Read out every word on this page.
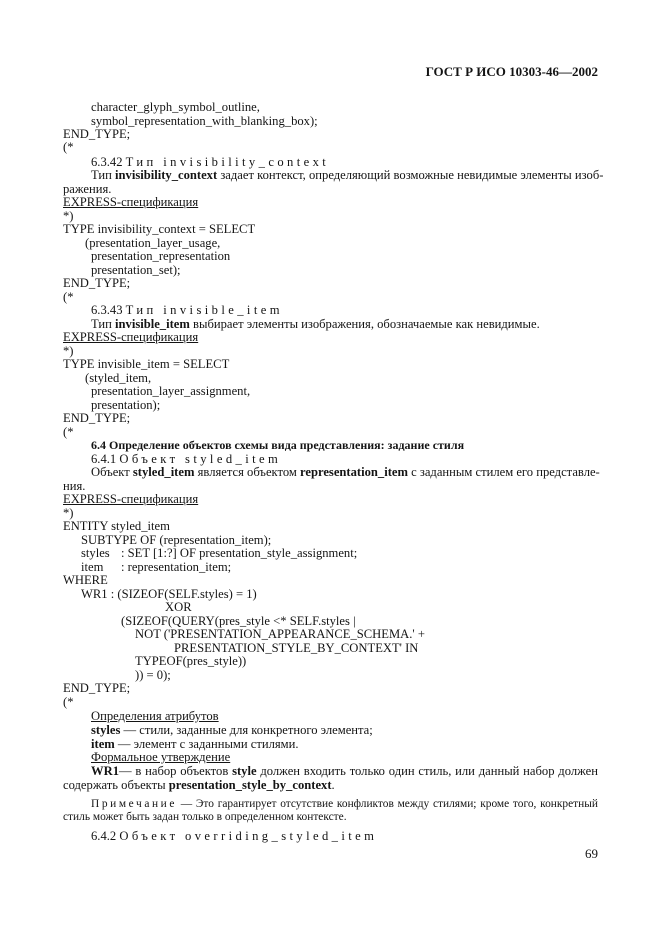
ГОСТ Р ИСО 10303-46—2002
character_glyph_symbol_outline,
symbol_representation_with_blanking_box);
END_TYPE;
(*
6.3.42 Тип invisibility_context
Тип invisibility_context задает контекст, определяющий возможные невидимые элементы изоб-
ражения.
EXPRESS-спецификация
*)
TYPE invisibility_context = SELECT
(presentation_layer_usage,
presentation_representation
presentation_set);
END_TYPE;
(*
6.3.43 Тип invisible_item
Тип invisible_item выбирает элементы изображения, обозначаемые как невидимые.
EXPRESS-спецификация
*)
TYPE invisible_item = SELECT
(styled_item,
presentation_layer_assignment,
presentation);
END_TYPE;
(*
6.4 Определение объектов схемы вида представления: задание стиля
6.4.1 Объект styled_item
Объект styled_item является объектом representation_item с заданным стилем его представле-
ния.
EXPRESS-спецификация
*)
ENTITY styled_item
SUBTYPE OF (representation_item);
styles : SET [1:?] OF presentation_style_assignment;
item : representation_item;
WHERE
WR1 : (SIZEOF(SELF.styles) = 1)
XOR
(SIZEOF(QUERY(pres_style <* SELF.styles |
NOT ('PRESENTATION_APPEARANCE_SCHEMA.' +
PRESENTATION_STYLE_BY_CONTEXT' IN
TYPEOF(pres_style))
)) = 0);
END_TYPE;
(*
Определения атрибутов
styles — стили, заданные для конкретного элемента;
item — элемент с заданными стилями.
Формальное утверждение
WR1— в набор объектов style должен входить только один стиль, или данный набор должен
содержать объекты presentation_style_by_context.
Примечание — Это гарантирует отсутствие конфликтов между стилями; кроме того, конкретный
стиль может быть задан только в определенном контексте.
6.4.2 Объект overriding_styled_item
69
